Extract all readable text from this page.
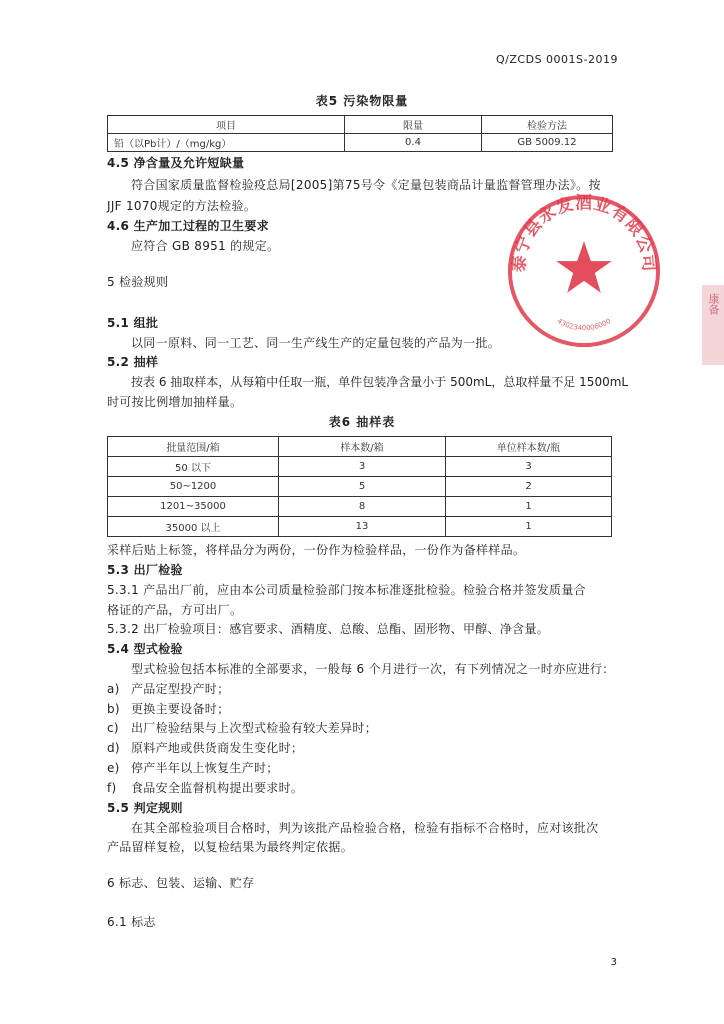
Q/ZCDS 0001S-2019
表5 污染物限量
项目	限量	检验方法
铅（以Pb计）/（mg/kg）	0.4	GB 5009.12
4.5 净含量及允许短缺量
符合国家质量监督检验疫总局[2005]第75号令《定量包装商品计量监督管理办法》。按
JJF 1070规定的方法检验。
4.6 生产加工过程的卫生要求
应符合 GB 8951 的规定。
5 检验规则
5.1 组批
以同一原料、同一工艺、同一生产线生产的定量包装的产品为一批。
5.2 抽样
按表 6 抽取样本，从每箱中任取一瓶，单件包装净含量小于 500mL，总取样量不足 1500mL
时可按比例增加抽样量。
表6 抽样表
批量范围/箱	样本数/箱	单位样本数/瓶
50 以下	3	3
50~1200	5	2
1201~35000	8	1
35000 以上	13	1
采样后贴上标签，将样品分为两份，一份作为检验样品，一份作为备样样品。
5.3 出厂检验
5.3.1 产品出厂前，应由本公司质量检验部门按本标准逐批检验。检验合格并签发质量合
格证的产品，方可出厂。
5.3.2 出厂检验项目：感官要求、酒精度、总酸、总酯、固形物、甲醇、净含量。
5.4 型式检验
型式检验包括本标准的全部要求，一般每 6 个月进行一次，有下列情况之一时亦应进行：
a) 产品定型投产时；
b) 更换主要设备时；
c) 出厂检验结果与上次型式检验有较大差异时；
d) 原料产地或供货商发生变化时；
e) 停产半年以上恢复生产时；
f) 食品安全监督机构提出要求时。
5.5 判定规则
在其全部检验项目合格时，判为该批产品检验合格，检验有指标不合格时，应对该批次
产品留样复检，以复检结果为最终判定依据。
6 标志、包装、运输、贮存
6.1 标志
泰宁县永发酒业有限公司
4302340006000
康备
3
